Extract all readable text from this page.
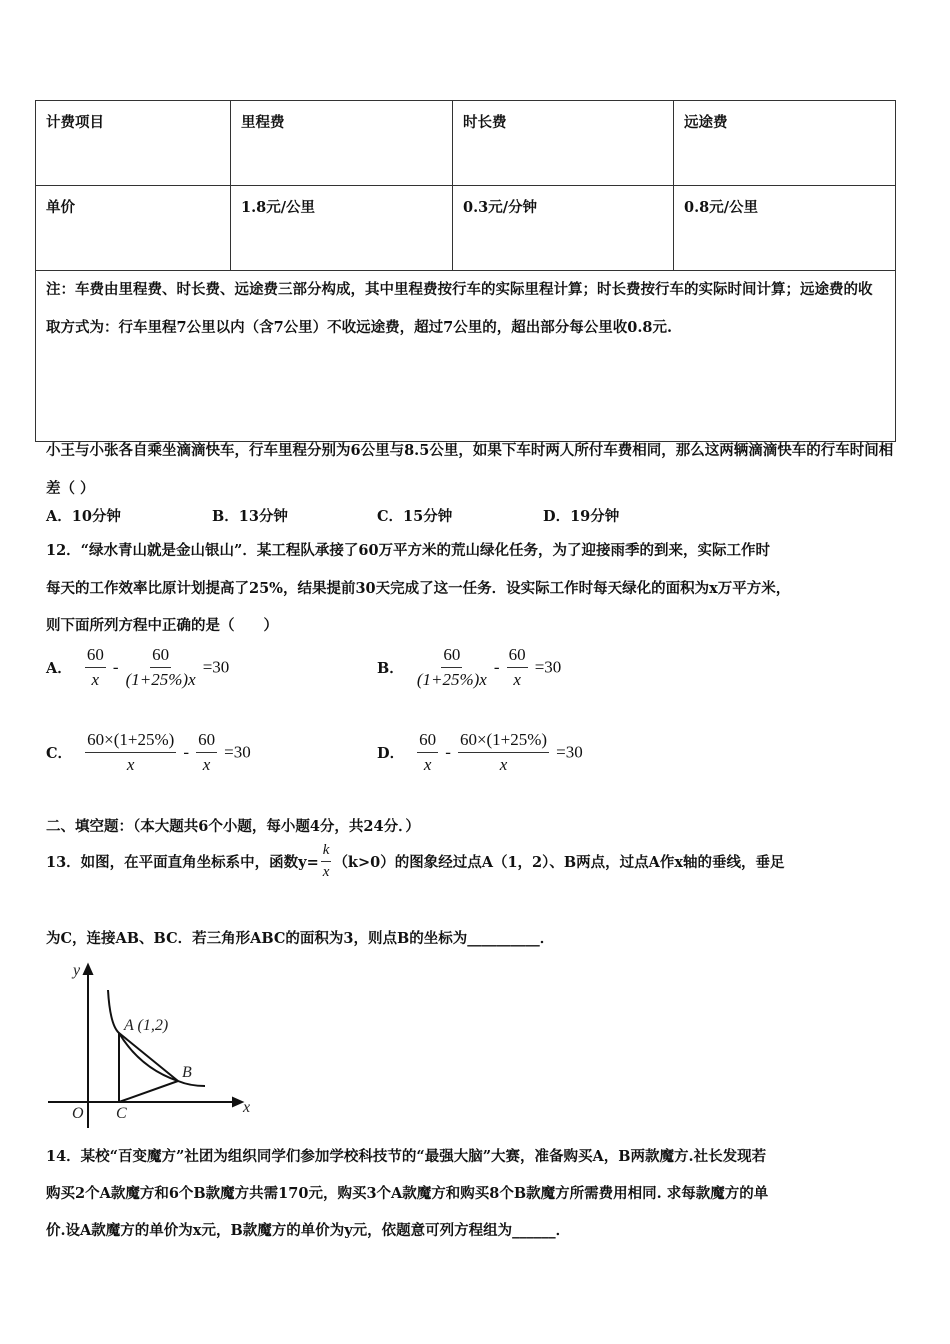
计费项目	里程费	时长费	远途费
单价	1.8元/公里	0.3元/分钟	0.8元/公里
注：车费由里程费、时长费、远途费三部分构成，其中里程费按行车的实际里程计算；时长费按行车的实际时间计算；远途费的收取方式为：行车里程7公里以内（含7公里）不收远途费，超过7公里的，超出部分每公里收0.8元.			
小王与小张各自乘坐滴滴快车，行车里程分别为6公里与8.5公里，如果下车时两人所付车费相同，那么这两辆滴滴快车的行车时间相差（ ）
A．10分钟	B．13分钟	C．15分钟	D．19分钟
12．“绿水青山就是金山银山”．某工程队承接了60万平方米的荒山绿化任务，为了迎接雨季的到来，实际工作时
每天的工作效率比原计划提高了25%，结果提前30天完成了这一任务．设实际工作时每天绿化的面积为x万平方米，
则下面所列方程中正确的是（　　）
A． $\frac{60}{x} - \frac{60}{(1+25\%)x} =30$	B． $\frac{60}{(1+25\%)x} - \frac{60}{x} =30$
C． $\frac{60\times(1+25\%)}{x} - \frac{60}{x} =30$	D． $\frac{60}{x} - \frac{60\times(1+25\%)}{x} =30$
二、填空题：（本大题共6个小题，每小题4分，共24分．）
13．如图，在平面直角坐标系中，函数$y= \frac{k}{x} (k>0)$的图象经过点A（1，2）、B两点，过点A作x轴的垂线，垂足
为C，连接AB、BC．若三角形ABC的面积为3，则点B的坐标为__________．
y
x
O
A (1,2)
B
C
14．某校“百变魔方”社团为组织同学们参加学校科技节的“最强大脑”大赛，准备购买A，B两款魔方.社长发现若
购买2个A款魔方和6个B款魔方共需170元，购买3个A款魔方和购买8个B款魔方所需费用相同. 求每款魔方的单
价.设A款魔方的单价为x元，B款魔方的单价为y元，依题意可列方程组为______．
